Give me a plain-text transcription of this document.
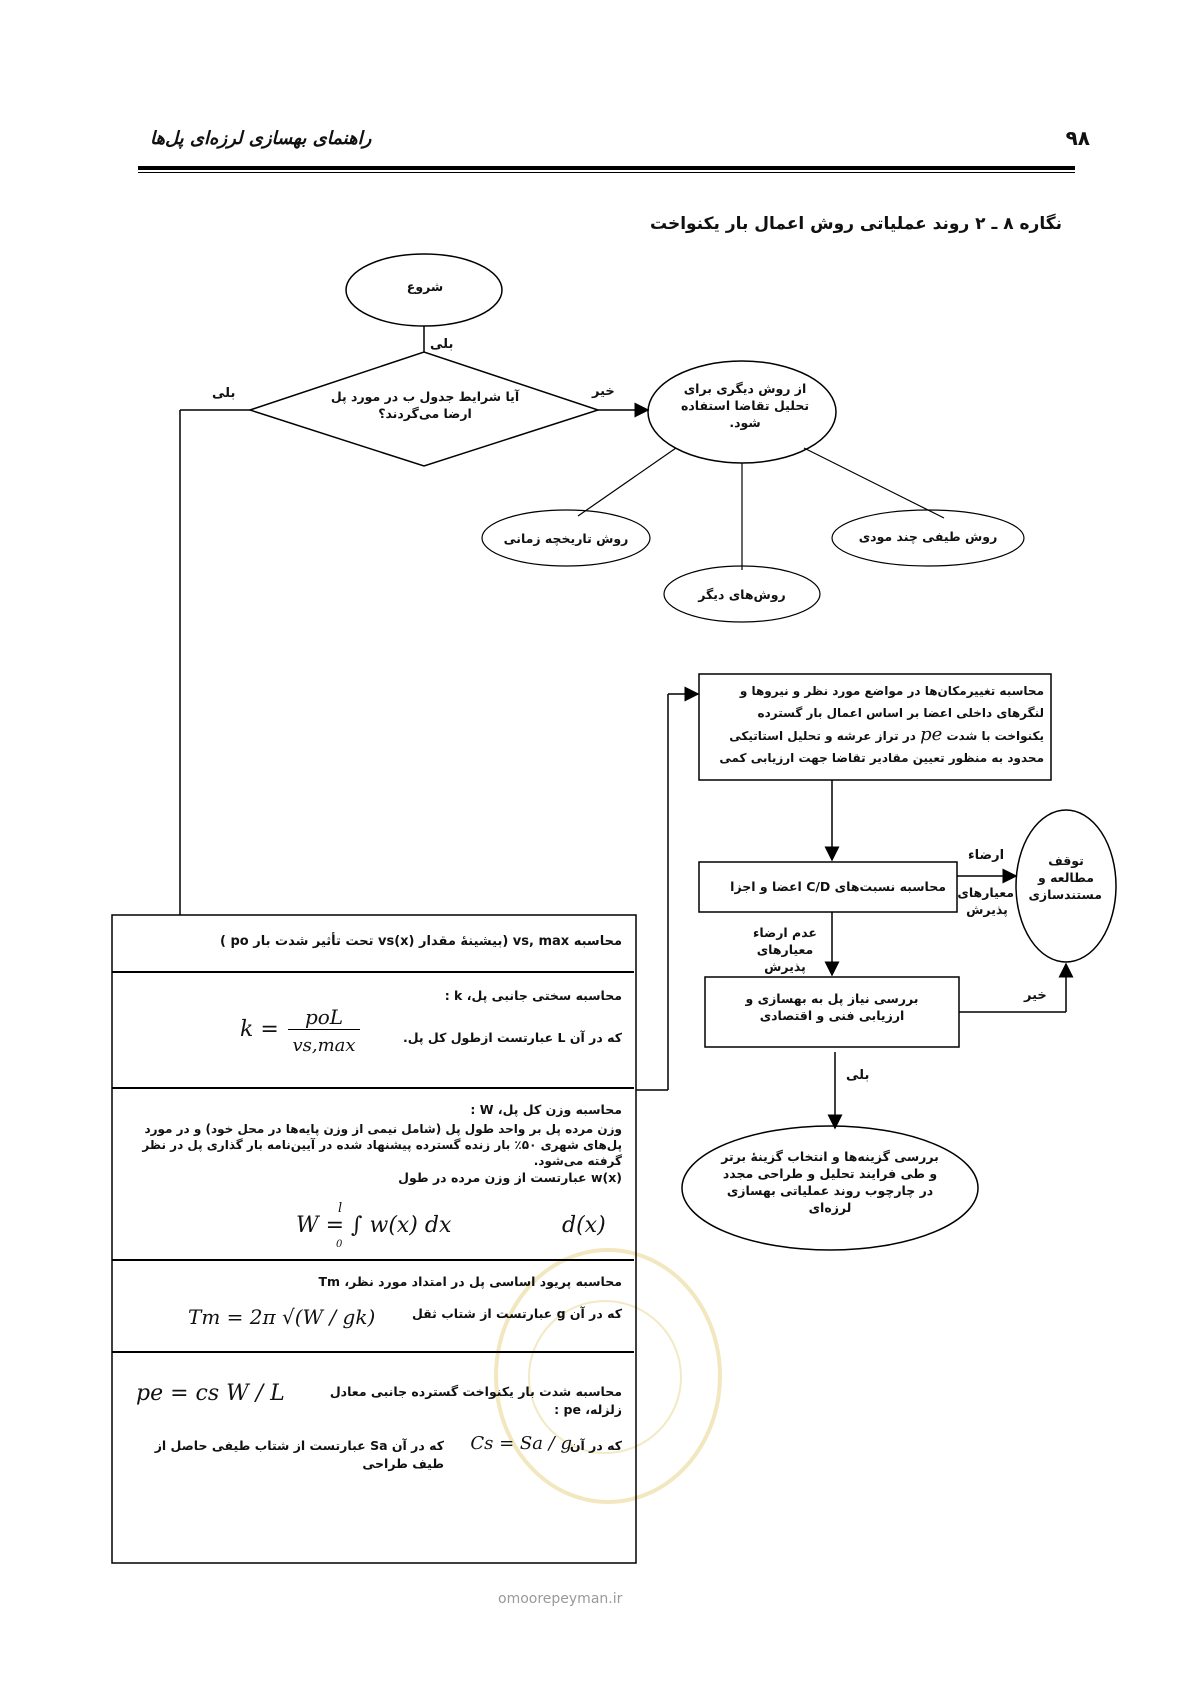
راهنمای بهسازی لرزه‌ای پل‌ها	۹۸
نگاره ۸ ـ ۲ روند عملیاتی روش اعمال بار یکنواخت
omoorepeyman.ir
شروع
بلی
آیا شرایط جدول ب در مورد پل ارضا می‌گردند؟
بلی	خیر	از روش دیگری برای تحلیل تقاضا استفاده شود.
روش تاریخچه زمانی
روش‌های دیگر
روش طیفی چند مودی
محاسبه تغییرمکان‌ها در مواضع مورد نظر و نیروها و لنگرهای داخلی اعضا بر اساس اعمال بار گسترده یکنواخت با شدت pe در تراز عرشه و تحلیل استاتیکی محدود به منظور تعیین مقادیر تقاضا جهت ارزیابی کمی
محاسبه نسبت‌های C/D اعضا و اجزا
ارضاء
معیارهای پذیرش
توقف مطالعه و مستندسازی
عدم ارضاء معیارهای پذیرش
بررسی نیاز پل به بهسازی و ارزیابی فنی و اقتصادی
خیر
بلی
بررسی گزینه‌ها و انتخاب گزینهٔ برتر و طی فرایند تحلیل و طراحی مجدد در چارچوب روند عملیاتی بهسازی لرزه‌ای
محاسبه vs, max (بیشینهٔ مقدار vs(x) تحت تأثیر شدت بار po )
محاسبه سختی جانبی پل، k :
k =	poL
vs,max	که در آن L عبارتست ازطول کل پل.
محاسبه وزن کل پل، W :
وزن مرده پل بر واحد طول پل (شامل نیمی از وزن پایه‌ها در محل خود) و در مورد پل‌های شهری ۵۰٪ بار زنده گسترده پیشنهاد شده در آیین‌نامه بار گذاری پل در نظر گرفته می‌شود.
w(x) عبارتست از وزن مرده در طول
l
0
W = ∫ w(x) dx	d(x)
محاسبه پریود اساسی پل در امتداد مورد نظر، Tm
Tm = 2π √(W / gk)	که در آن g عبارتست از شتاب ثقل
pe = cs W / L	محاسبه شدت بار یکنواخت گسترده جانبی معادل زلزله، pe :
که در آن
Cs = Sa / g
که در آن Sa عبارتست از شتاب طیفی حاصل از طیف طراحی
